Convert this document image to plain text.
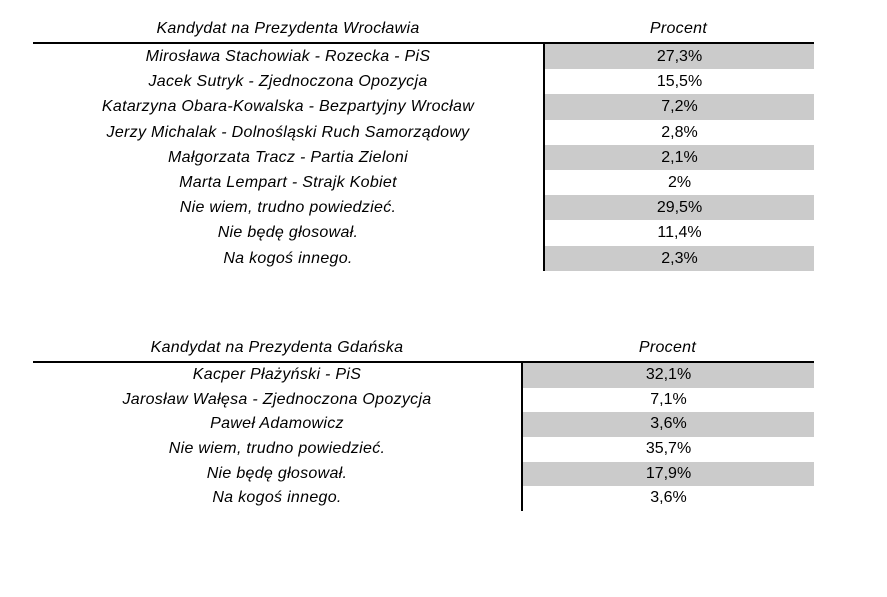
Kandydat na Prezydenta Wrocławia	Procent
Mirosława Stachowiak - Rozecka - PiS	27,3%
Jacek Sutryk - Zjednoczona Opozycja	15,5%
Katarzyna Obara-Kowalska - Bezpartyjny Wrocław	7,2%
Jerzy Michalak - Dolnośląski Ruch Samorządowy	2,8%
Małgorzata Tracz - Partia Zieloni	2,1%
Marta Lempart - Strajk Kobiet	2%
Nie wiem, trudno powiedzieć.	29,5%
Nie będę głosował.	11,4%
Na kogoś innego.	2,3%
Kandydat na Prezydenta Gdańska	Procent
Kacper Płażyński - PiS	32,1%
Jarosław Wałęsa - Zjednoczona Opozycja	7,1%
Paweł Adamowicz	3,6%
Nie wiem, trudno powiedzieć.	35,7%
Nie będę głosował.	17,9%
Na kogoś innego.	3,6%
